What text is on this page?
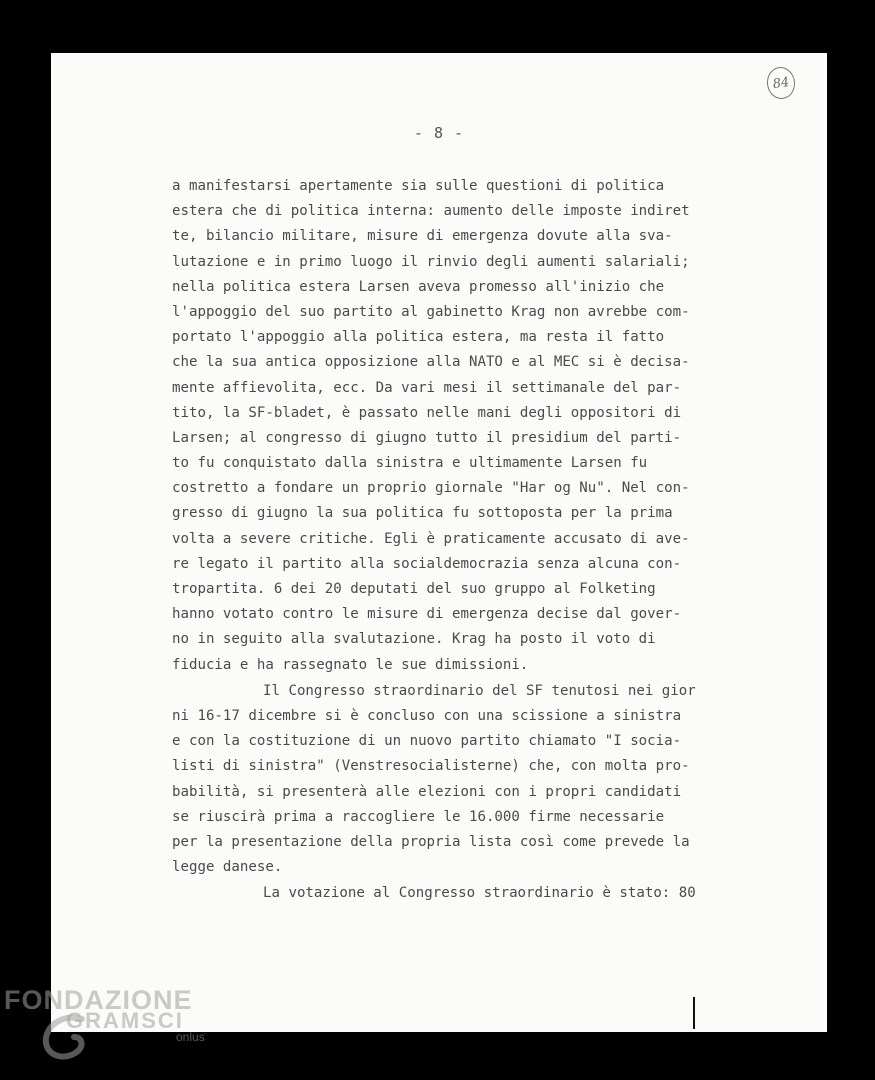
84
- 8 -
a manifestarsi apertamente sia sulle questioni di politica
estera che di politica interna: aumento delle imposte indiret
te, bilancio militare, misure di emergenza dovute alla sva-
lutazione e in primo luogo il rinvio degli aumenti salariali;
nella politica estera Larsen aveva promesso all'inizio che
l'appoggio del suo partito al gabinetto Krag non avrebbe com-
portato l'appoggio alla politica estera, ma resta il fatto
che la sua antica opposizione alla NATO e al MEC si è decisa-
mente affievolita, ecc. Da vari mesi il settimanale del par-
tito, la SF-bladet, è passato nelle mani degli oppositori di
Larsen; al congresso di giugno tutto il presidium del parti-
to fu conquistato dalla sinistra e ultimamente Larsen fu
costretto a fondare un proprio giornale "Har og Nu". Nel con-
gresso di giugno la sua politica fu sottoposta per la prima
volta a severe critiche. Egli è praticamente accusato di ave-
re legato il partito alla socialdemocrazia senza alcuna con-
tropartita. 6 dei 20 deputati del suo gruppo al Folketing
hanno votato contro le misure di emergenza decise dal gover-
no in seguito alla svalutazione. Krag ha posto il voto di
fiducia e ha rassegnato le sue dimissioni.
Il Congresso straordinario del SF tenutosi nei gior
ni 16-17 dicembre si è concluso con una scissione a sinistra
e con la costituzione di un nuovo partito chiamato "I socia-
listi di sinistra" (Venstresocialisterne) che, con molta pro-
babilità, si presenterà alle elezioni con i propri candidati
se riuscirà prima a raccogliere le 16.000 firme necessarie
per la presentazione della propria lista così come prevede la
legge danese.
La votazione al Congresso straordinario è stato: 80
FONDAZIONE
GRAMSCI
onlus
